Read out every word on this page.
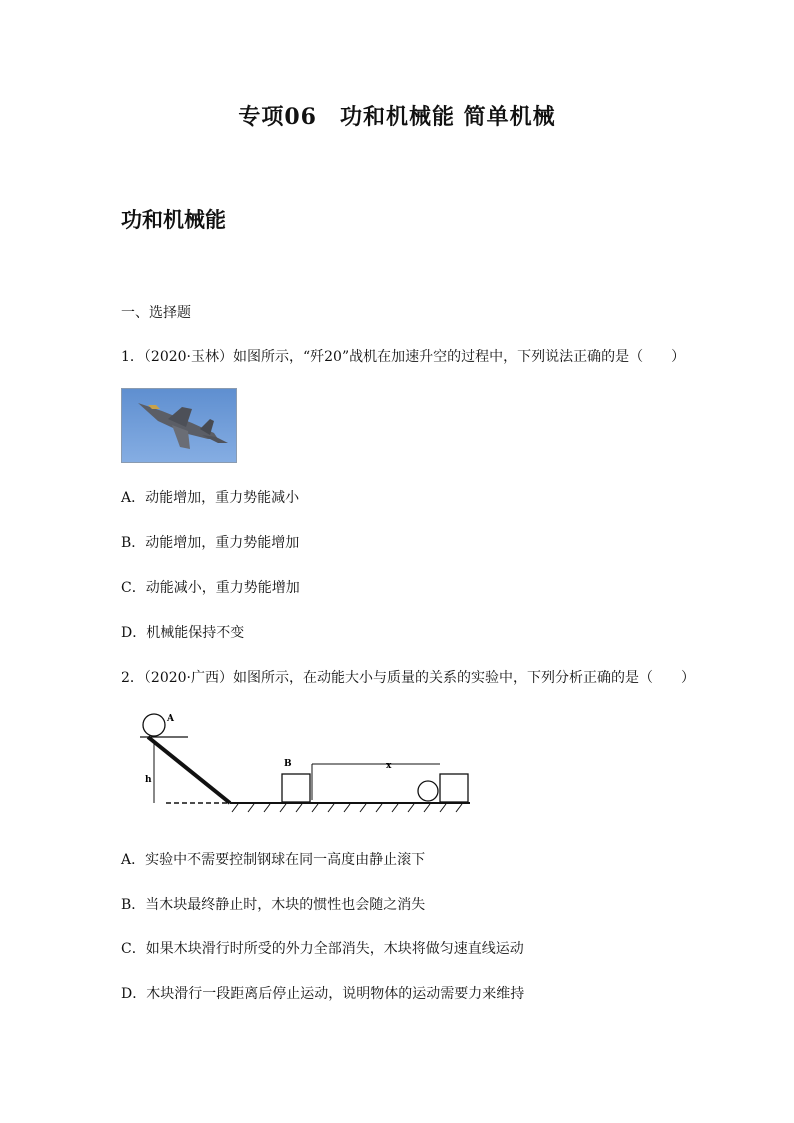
专项06　功和机械能 简单机械
功和机械能
一、选择题
1．（2020·玉林）如图所示，“歼20”战机在加速升空的过程中，下列说法正确的是（　　）
A．动能增加，重力势能减小
B．动能增加，重力势能增加
C．动能减小，重力势能增加
D．机械能保持不变
2．（2020·广西）如图所示，在动能大小与质量的关系的实验中，下列分析正确的是（　　）
A
h
B	x
A．实验中不需要控制钢球在同一高度由静止滚下
B．当木块最终静止时，木块的惯性也会随之消失
C．如果木块滑行时所受的外力全部消失，木块将做匀速直线运动
D．木块滑行一段距离后停止运动，说明物体的运动需要力来维持
